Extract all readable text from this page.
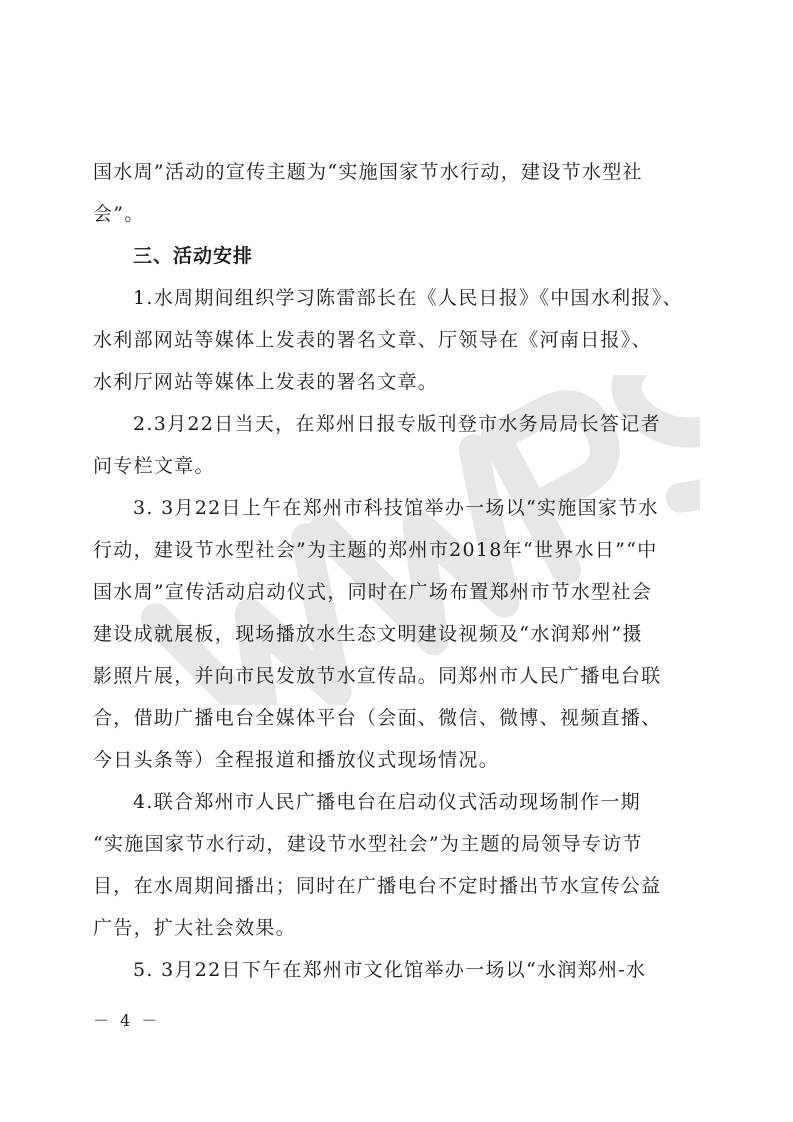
国水周”活动的宣传主题为“实施国家节水行动，建设节水型社

会”。

三、活动安排

1.水周期间组织学习陈雷部长在《人民日报》《中国水利报》、

水利部网站等媒体上发表的署名文章、厅领导在《河南日报》、

水利厅网站等媒体上发表的署名文章。

2.3月22日当天，在郑州日报专版刊登市水务局局长答记者

问专栏文章。

3. 3月22日上午在郑州市科技馆举办一场以“实施国家节水

行动，建设节水型社会”为主题的郑州市2018年“世界水日”“中

国水周”宣传活动启动仪式，同时在广场布置郑州市节水型社会

建设成就展板，现场播放水生态文明建设视频及“水润郑州”摄

影照片展，并向市民发放节水宣传品。同郑州市人民广播电台联

合，借助广播电台全媒体平台（会面、微信、微博、视频直播、

今日头条等）全程报道和播放仪式现场情况。

4.联合郑州市人民广播电台在启动仪式活动现场制作一期

“实施国家节水行动，建设节水型社会”为主题的局领导专访节

目，在水周期间播出；同时在广播电台不定时播出节水宣传公益

广告，扩大社会效果。

5. 3月22日下午在郑州市文化馆举办一场以“水润郑州-水

－ 4 －
